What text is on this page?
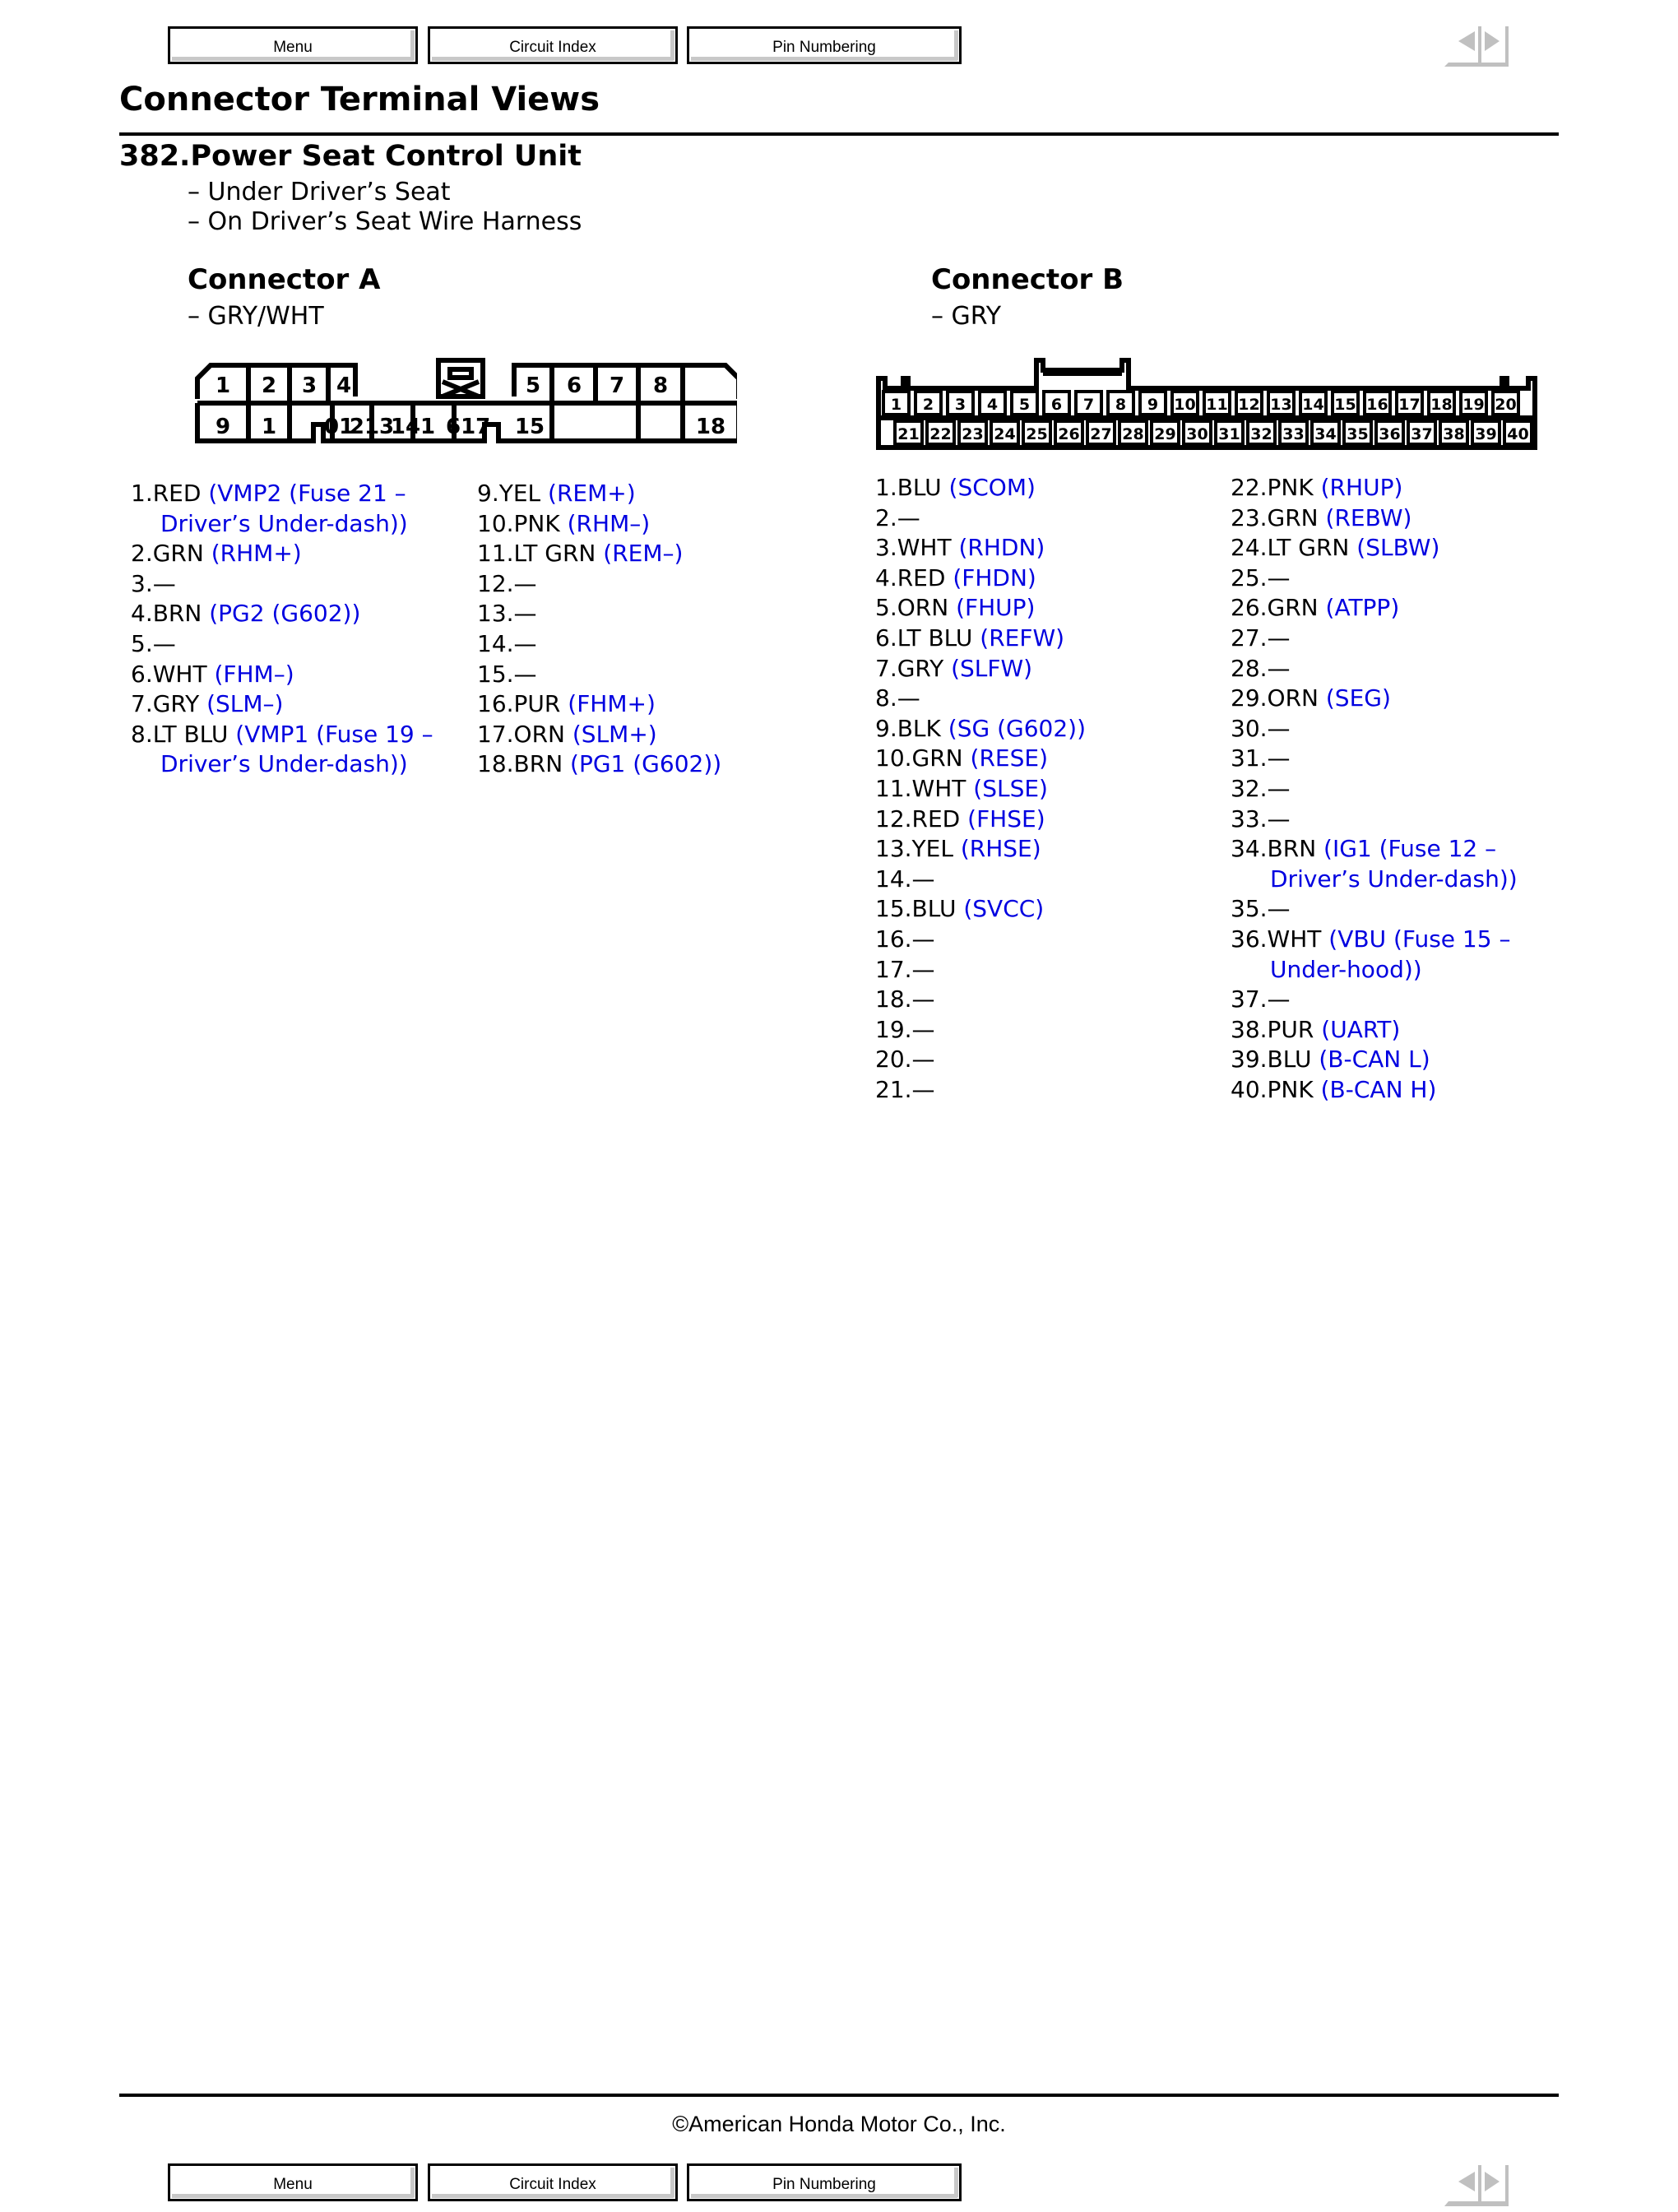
Menu	Circuit Index	Pin Numbering
Connector Terminal Views
382.Power Seat Control Unit
– Under Driver’s Seat
– On Driver’s Seat Wire Harness
Connector A
– GRY/WHT
1 2 3 4	5 6 7 8
9 1 01
213
141 617 15	18
1.RED (VMP2 (Fuse 21 –
Driver’s Under-dash))
2.GRN (RHM+)
3.—
4.BRN (PG2 (G602))
5.—
6.WHT (FHM–)
7.GRY (SLM–)
8.LT BLU (VMP1 (Fuse 19 –
Driver’s Under-dash))
9.YEL (REM+)
10.PNK (RHM–)
11.LT GRN (REM–)
12.—
13.—
14.—
15.—
16.PUR (FHM+)
17.ORN (SLM+)
18.BRN (PG1 (G602))
Connector B
– GRY
1 2 3 4 5 6 7 8 9 10 11 12 13 14 15 16 17 18 19 20
21 22 23 24 25 26 27 28 29 30 31 32 33 34 35 36 37 38 39 40
1.BLU (SCOM)
2.—
3.WHT (RHDN)
4.RED (FHDN)
5.ORN (FHUP)
6.LT BLU (REFW)
7.GRY (SLFW)
8.—
9.BLK (SG (G602))
10.GRN (RESE)
11.WHT (SLSE)
12.RED (FHSE)
13.YEL (RHSE)
14.—
15.BLU (SVCC)
16.—
17.—
18.—
19.—
20.—
21.—
22.PNK (RHUP)
23.GRN (REBW)
24.LT GRN (SLBW)
25.—
26.GRN (ATPP)
27.—
28.—
29.ORN (SEG)
30.—
31.—
32.—
33.—
34.BRN (IG1 (Fuse 12 –
Driver’s Under-dash))
35.—
36.WHT (VBU (Fuse 15 –
Under-hood))
37.—
38.PUR (UART)
39.BLU (B-CAN L)
40.PNK (B-CAN H)
©American Honda Motor Co., Inc.
Menu	Circuit Index	Pin Numbering
